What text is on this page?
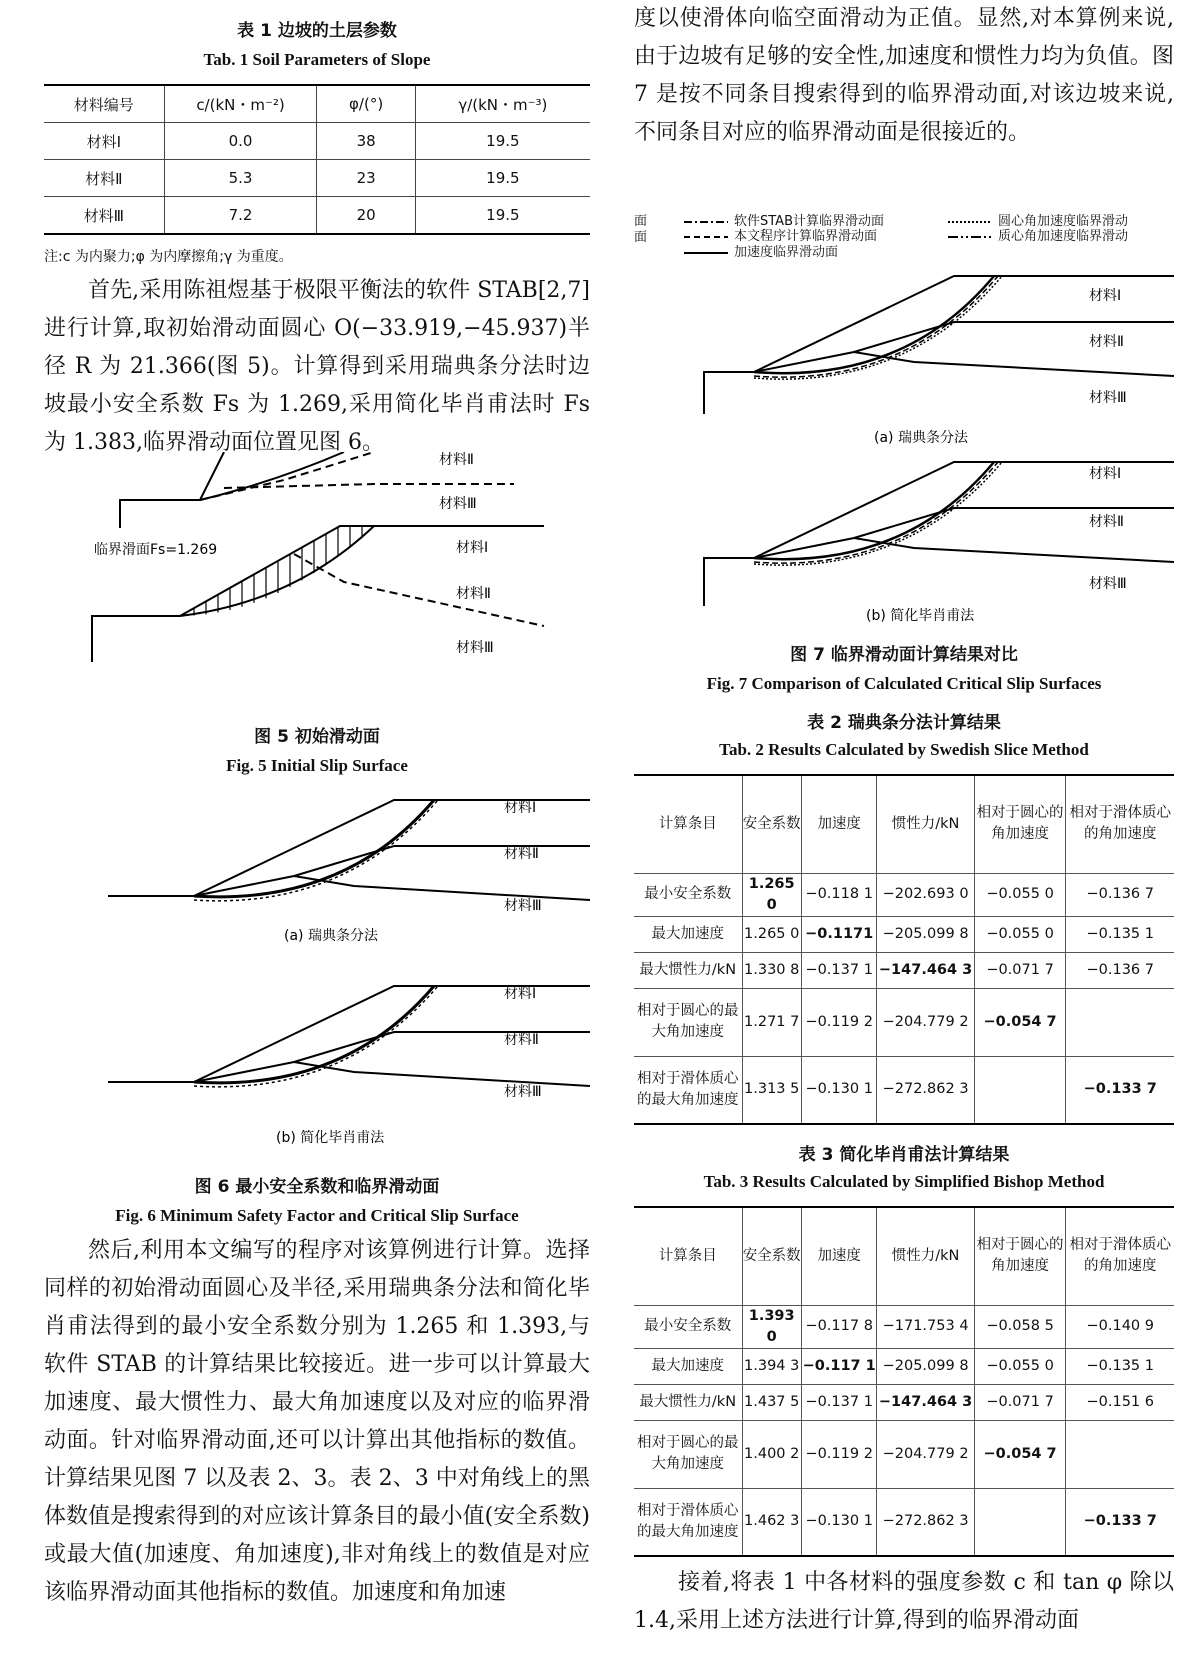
表 1 边坡的土层参数
Tab. 1 Soil Parameters of Slope
材料编号	c/(kN・m⁻²)	φ/(°)	γ/(kN・m⁻³)
材料Ⅰ	0.0	38	19.5
材料Ⅱ	5.3	23	19.5
材料Ⅲ	7.2	20	19.5
注:c 为内聚力;φ 为内摩擦角;γ 为重度。

首先,采用陈祖煜基于极限平衡法的软件 STAB[2,7] 进行计算,取初始滑动面圆心 O(−33.919,−45.937)半径 R 为 21.366(图 5)。计算得到采用瑞典条分法时边坡最小安全系数 Fs 为 1.269,采用简化毕肖甫法时 Fs 为 1.383,临界滑动面位置见图 6。

材料Ⅱ
材料Ⅲ
材料Ⅰ
材料Ⅱ
材料Ⅲ
临界滑面Fs=1.269
图 5 初始滑动面
Fig. 5 Initial Slip Surface
材料Ⅰ
材料Ⅱ
材料Ⅲ
(a) 瑞典条分法
材料Ⅰ
材料Ⅱ
材料Ⅲ
(b) 简化毕肖甫法
图 6 最小安全系数和临界滑动面
Fig. 6 Minimum Safety Factor and Critical Slip Surface

然后,利用本文编写的程序对该算例进行计算。选择同样的初始滑动面圆心及半径,采用瑞典条分法和简化毕肖甫法得到的最小安全系数分别为 1.265 和 1.393,与软件 STAB 的计算结果比较接近。进一步可以计算最大加速度、最大惯性力、最大角加速度以及对应的临界滑动面。针对临界滑动面,还可以计算出其他指标的数值。计算结果见图 7 以及表 2、3。表 2、3 中对角线上的黑体数值是搜索得到的对应该计算条目的最小值(安全系数)或最大值(加速度、角加速度),非对角线上的数值是对应该临界滑动面其他指标的数值。加速度和角加速

度以使滑体向临空面滑动为正值。显然,对本算例来说,由于边坡有足够的安全性,加速度和惯性力均为负值。图 7 是按不同条目搜索得到的临界滑动面,对该边坡来说,不同条目对应的临界滑动面是很接近的。

面
面
软件STAB计算临界滑动面
本文程序计算临界滑动面
加速度临界滑动面
圆心角加速度临界滑动
质心角加速度临界滑动
材料Ⅰ
材料Ⅱ
材料Ⅲ
(a) 瑞典条分法
材料Ⅰ
材料Ⅱ
材料Ⅲ
(b) 简化毕肖甫法
图 7 临界滑动面计算结果对比
Fig. 7 Comparison of Calculated Critical Slip Surfaces
表 2 瑞典条分法计算结果
Tab. 2 Results Calculated by Swedish Slice Method
计算条目	安全系数	加速度	惯性力/kN	相对于圆心的角加速度	相对于滑体质心的角加速度
最小安全系数	1.265 0	−0.118 1	−202.693 0	−0.055 0	−0.136 7
最大加速度	1.265 0	−0.1171	−205.099 8	−0.055 0	−0.135 1
最大惯性力/kN	1.330 8	−0.137 1	−147.464 3	−0.071 7	−0.136 7
相对于圆心的最大角加速度	1.271 7	−0.119 2	−204.779 2	−0.054 7	
相对于滑体质心的最大角加速度	1.313 5	−0.130 1	−272.862 3		−0.133 7
表 3 简化毕肖甫法计算结果
Tab. 3 Results Calculated by Simplified Bishop Method
计算条目	安全系数	加速度	惯性力/kN	相对于圆心的角加速度	相对于滑体质心的角加速度
最小安全系数	1.393 0	−0.117 8	−171.753 4	−0.058 5	−0.140 9
最大加速度	1.394 3	−0.117 1	−205.099 8	−0.055 0	−0.135 1
最大惯性力/kN	1.437 5	−0.137 1	−147.464 3	−0.071 7	−0.151 6
相对于圆心的最大角加速度	1.400 2	−0.119 2	−204.779 2	−0.054 7	
相对于滑体质心的最大角加速度	1.462 3	−0.130 1	−272.862 3		−0.133 7

接着,将表 1 中各材料的强度参数 c 和 tan φ 除以 1.4,采用上述方法进行计算,得到的临界滑动面
